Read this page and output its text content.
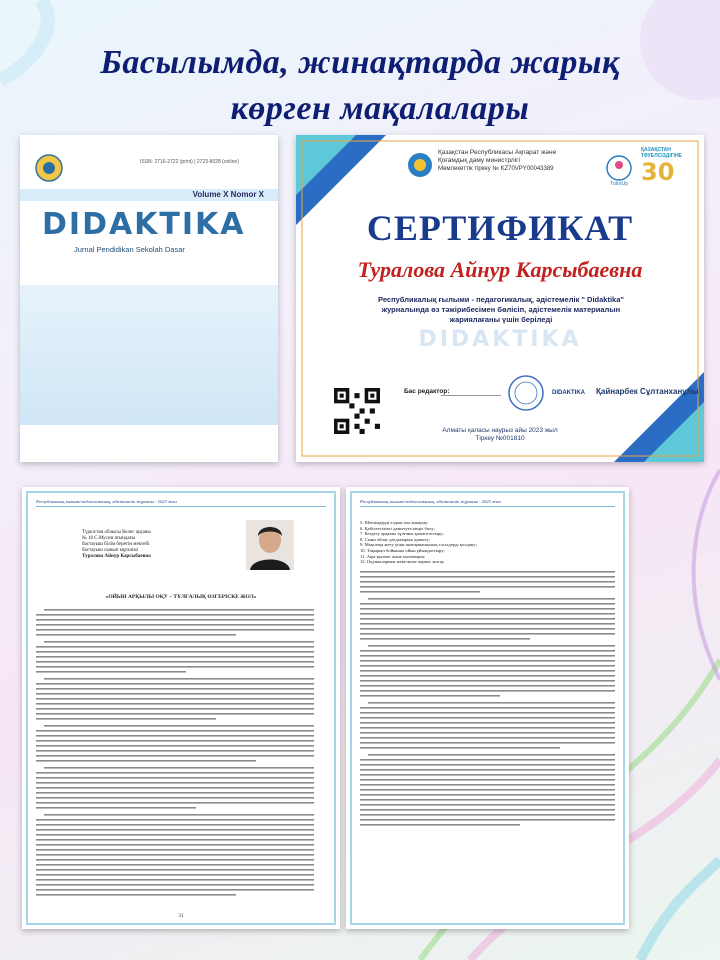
Басылымда, жинақтарда жарық
көрген мақалалары
ISSN: 2716-2722 (print) | 2723-8028 (online)
Volume X Nomor X
DIDAKTIKA
Jurnal Pendidikan Sekolah Dasar
Қазақстан Республикасы Ақпарат және
Қоғамдық даму министрлігі
Мемлекеттік тіркеу № KZ70VPY00043389
TutorUp
ҚАЗАҚСТАН ТӘУЕЛСІЗДІГІНЕ
30
СЕРТИФИКАТ
Туралова Айнур Карсыбаевна
Республикалық ғылыми - педагогикалық, әдістемелік " Didaktika" журналында өз тәжірибесімен бөлісіп, әдістемелік материалын жариялағаны үшін беріледі
DIDAKTIKA
Бас редактор:	DIDAKTIKA Қайнарбек Сұлтанханұлы
Алматы қаласы наурыз айы 2023 жыл
Тіркеу №001810
Республикалық ғылыми-педагогикалық, әдістемелік журналы - 2023 жыл
Түркістан облысы Келес ауданы
№ 16 С.Мусин атындағы
бастауыш білім беретін мектебі
бастауыш сынып мұғалімі
Туралова Айнур Карсыбаевна
«ОЙЫН АРҚЫЛЫ ОҚУ – ТҰЛҒАЛЫҚ ӨЗГЕРІСКЕ ЖОЛ»
31
Республикалық ғылыми-педагогикалық, әдістемелік журналы - 2023 жыл
5. Шешімдерді алдын ала анықтау;
6. Қабілеттілікті дамытуға көңіл бөлу;
7. Кездесу арқылы тұлғаны қалыптастыру;
8. Сыни ойлау дағдыларын дамыту;
9. Мақсатқа жету үшін шығармашылық тәсілдерді қолдану;
10. Тақырып бойынша ойын ұйымдастыру;
11. Ақы-қызмет және мотивация;
12. Оқушылармен жеке-жеке жұмыс жасау.
